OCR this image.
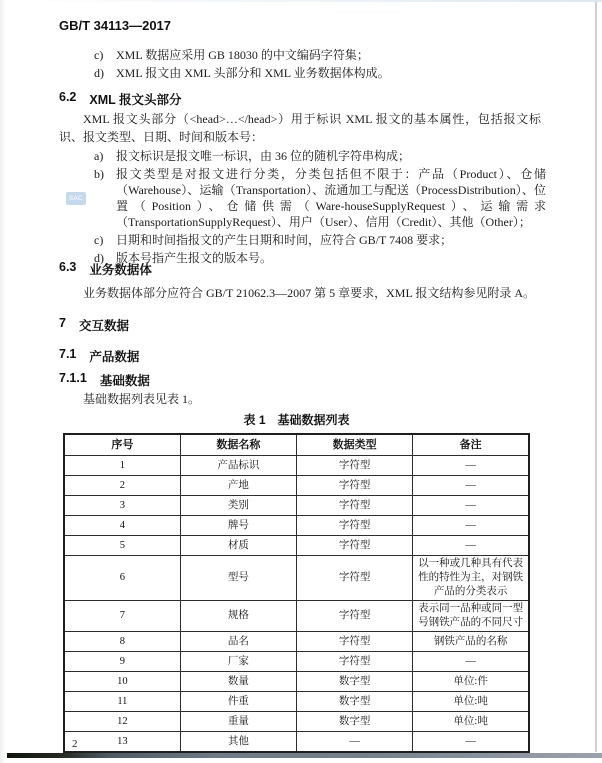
GB/T 34113—2017
c)	XML 数据应采用 GB 18030 的中文编码字符集；
d)	XML 报文由 XML 头部分和 XML 业务数据体构成。
6.2 XML 报文头部分
XML 报文头部分（<head>…</head>）用于标识 XML 报文的基本属性，包括报文标识、报文类型、日期、时间和版本号：
SAC
a)	报文标识是报文唯一标识，由 36 位的随机字符串构成；
b)	报文类型是对报文进行分类，分类包括但不限于：产品（Product）、仓储（Warehouse）、运输（Transportation）、流通加工与配送（ProcessDistribution）、位置（Position）、仓储供需（Ware-houseSupplyRequest）、运输需求（TransportationSupplyRequest）、用户（User）、信用（Credit）、其他（Other）；
c)	日期和时间指报文的产生日期和时间，应符合 GB/T 7408 要求；
d)	版本号指产生报文的版本号。
6.3 业务数据体
业务数据体部分应符合 GB/T 21062.3—2007 第 5 章要求，XML 报文结构参见附录 A。
7 交互数据
7.1 产品数据
7.1.1 基础数据
基础数据列表见表 1。
表 1　基础数据列表
序号	数据名称	数据类型	备注
1	产品标识	字符型	—
2	产地	字符型	—
3	类别	字符型	—
4	牌号	字符型	—
5	材质	字符型	—
6	型号	字符型	以一种或几种具有代表性的特性为主，对钢铁产品的分类表示
7	规格	字符型	表示同一品种或同一型号钢铁产品的不同尺寸
8	品名	字符型	钢铁产品的名称
9	厂家	字符型	—
10	数量	数字型	单位:件
11	件重	数字型	单位:吨
12	重量	数字型	单位:吨
13	其他	—	—
2
